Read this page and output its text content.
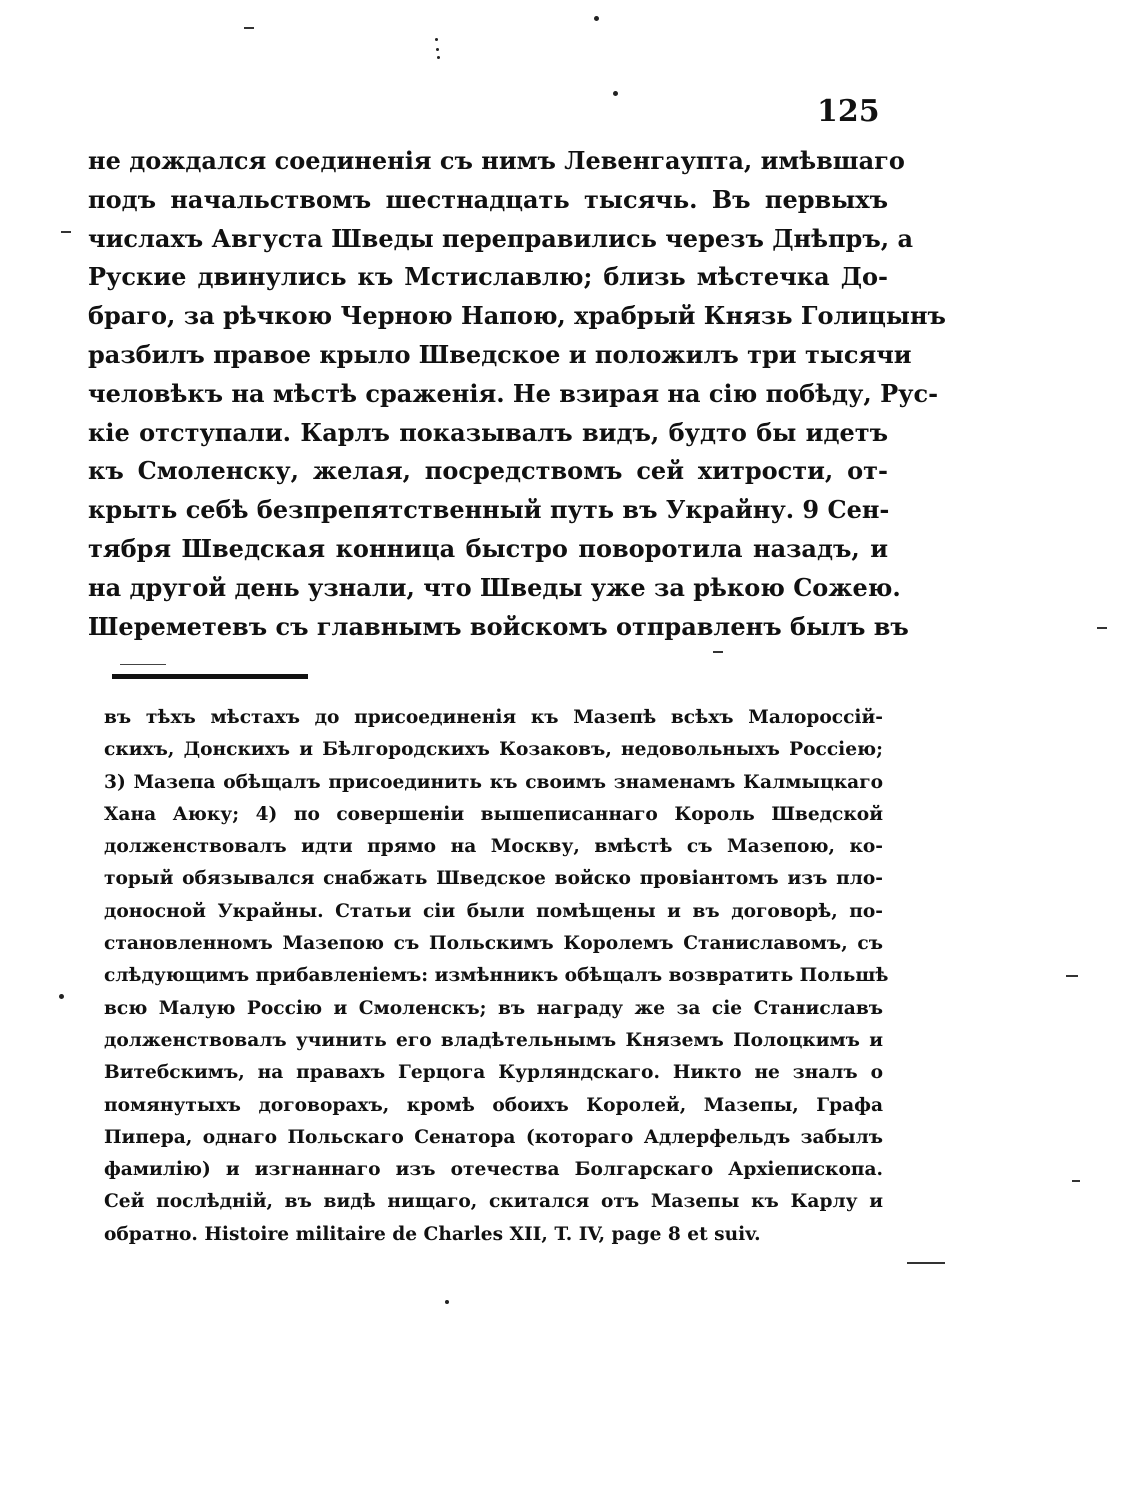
125
не дождался соединенія съ нимъ Левенгаупта, имѣвшаго
подъ начальствомъ шестнадцать тысячь. Въ первыхъ
числахъ Августа Шведы переправились черезъ Днѣпръ, а
Руские двинулись къ Мстиславлю; близь мѣстечка До-
браго, за рѣчкою Черною Напою, храбрый Князь Голицынъ
разбилъ правое крыло Шведское и положилъ три тысячи
человѣкъ на мѣстѣ сраженія. Не взирая на сію побѣду, Рус-
кіе отступали. Карлъ показывалъ видъ, будто бы идетъ
къ Смоленску, желая, посредствомъ сей хитрости, от-
крыть себѣ безпрепятственный путь въ Украйну. 9 Сен-
тября Шведская конница быстро поворотила назадъ, и
на другой день узнали, что Шведы уже за рѣкою Сожею.
Шереметевъ съ главнымъ войскомъ отправленъ былъ въ
въ тѣхъ мѣстахъ до присоединенія къ Мазепѣ всѣхъ Малороссій-
скихъ, Донскихъ и Бѣлгородскихъ Козаковъ, недовольныхъ Россіею;
3) Мазепа обѣщалъ присоединить къ своимъ знаменамъ Калмыцкаго
Хана Аюку; 4) по совершеніи вышеписаннаго Король Шведской
долженствовалъ идти прямо на Москву, вмѣстѣ съ Мазепою, ко-
торый обязывался снабжать Шведское войско провіантомъ изъ пло-
доносной Украйны. Статьи сіи были помѣщены и въ договорѣ, по-
становленномъ Мазепою съ Польскимъ Королемъ Станиславомъ, съ
слѣдующимъ прибавленіемъ: измѣнникъ обѣщалъ возвратить Польшѣ
всю Малую Россію и Смоленскъ; въ награду же за сіе Станиславъ
долженствовалъ учинить его владѣтельнымъ Княземъ Полоцкимъ и
Витебскимъ, на правахъ Герцога Курляндскаго. Никто не зналъ о
помянутыхъ договорахъ, кромѣ обоихъ Королей, Мазепы, Графа
Пипера, однаго Польскаго Сенатора (котораго Адлерфельдъ забылъ
фамилію) и изгнаннаго изъ отечества Болгарскаго Архіепископа.
Сей послѣдній, въ видѣ нищаго, скитался отъ Мазепы къ Карлу и
обратно. Histoire militaire de Charles XII, T. IV, page 8 et suiv.
